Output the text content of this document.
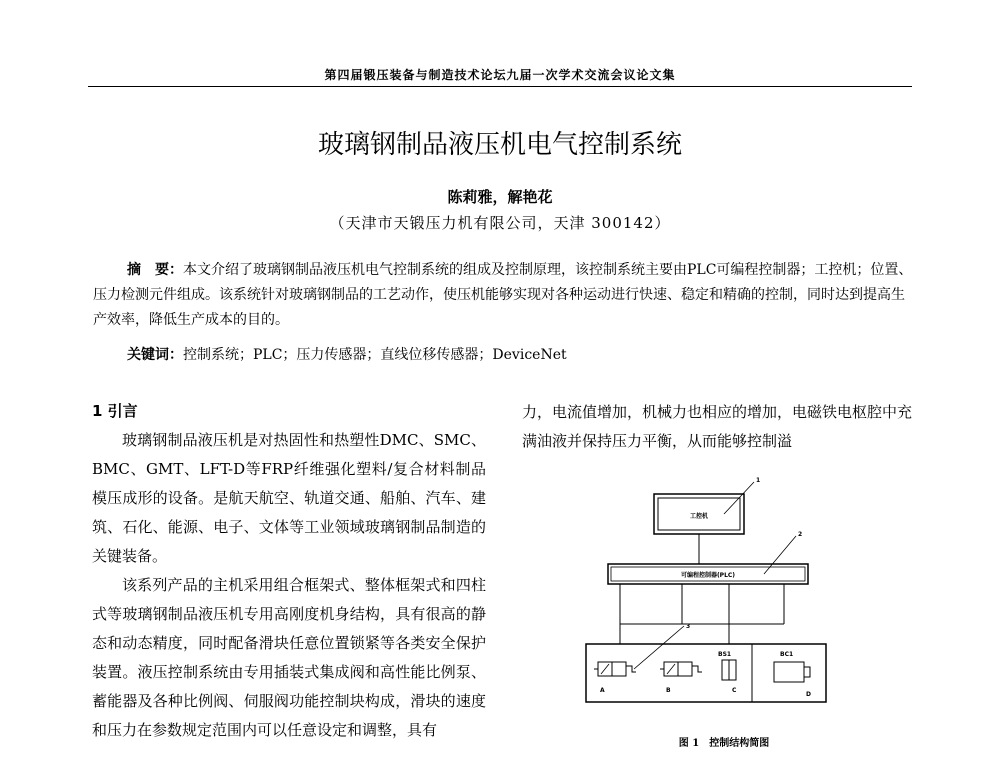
第四届锻压装备与制造技术论坛九届一次学术交流会议论文集
玻璃钢制品液压机电气控制系统
陈莉雅，解艳花
（天津市天锻压力机有限公司，天津 300142）
摘　要：本文介绍了玻璃钢制品液压机电气控制系统的组成及控制原理，该控制系统主要由PLC可编程控制器；工控机；位置、压力检测元件组成。该系统针对玻璃钢制品的工艺动作，使压机能够实现对各种运动进行快速、稳定和精确的控制，同时达到提高生产效率，降低生产成本的目的。
关键词：控制系统；PLC；压力传感器；直线位移传感器；DeviceNet
1 引言

玻璃钢制品液压机是对热固性和热塑性DMC、SMC、BMC、GMT、LFT-D等FRP纤维强化塑料/复合材料制品模压成形的设备。是航天航空、轨道交通、船舶、汽车、建筑、石化、能源、电子、文体等工业领域玻璃钢制品制造的关键装备。

该系列产品的主机采用组合框架式、整体框架式和四柱式等玻璃钢制品液压机专用高刚度机身结构，具有很高的静态和动态精度，同时配备滑块任意位置锁紧等各类安全保护装置。液压控制系统由专用插装式集成阀和高性能比例泵、蓄能器及各种比例阀、伺服阀功能控制块构成，滑块的速度和压力在参数规定范围内可以任意设定和调整，具有

力，电流值增加，机械力也相应的增加，电磁铁电枢腔中充满油液并保持压力平衡，从而能够控制溢
工控机
1
可编程控制器(PLC)
2
A	B
3
BS1
C
BC1
D
图 1　控制结构简图
